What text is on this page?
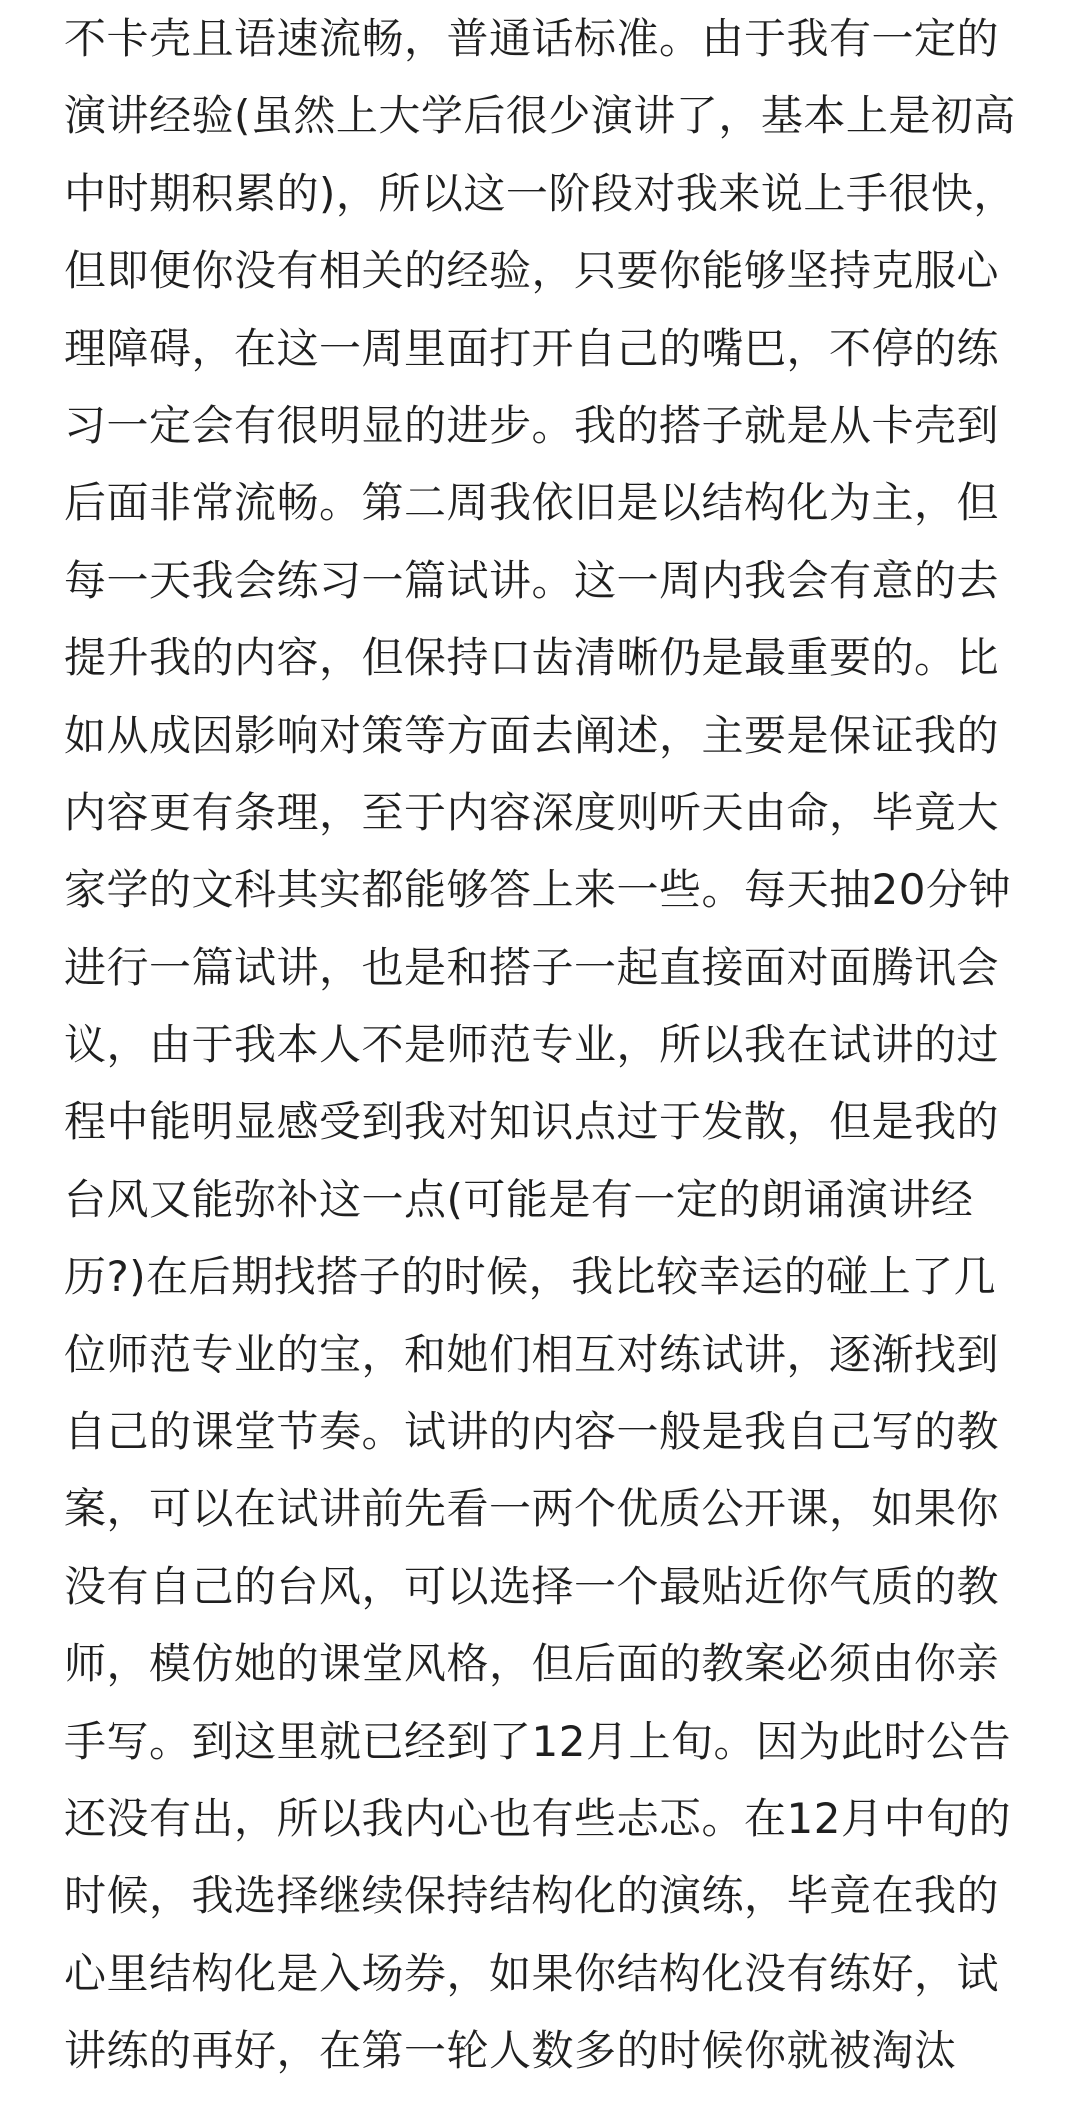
不卡壳且语速流畅，普通话标准。由于我有一定的
演讲经验(虽然上大学后很少演讲了，基本上是初高
中时期积累的)，所以这一阶段对我来说上手很快，
但即便你没有相关的经验，只要你能够坚持克服心
理障碍，在这一周里面打开自己的嘴巴，不停的练
习一定会有很明显的进步。我的搭子就是从卡壳到
后面非常流畅。第二周我依旧是以结构化为主，但
每一天我会练习一篇试讲。这一周内我会有意的去
提升我的内容，但保持口齿清晰仍是最重要的。比
如从成因影响对策等方面去阐述，主要是保证我的
内容更有条理，至于内容深度则听天由命，毕竟大
家学的文科其实都能够答上来一些。每天抽20分钟
进行一篇试讲，也是和搭子一起直接面对面腾讯会
议，由于我本人不是师范专业，所以我在试讲的过
程中能明显感受到我对知识点过于发散，但是我的
台风又能弥补这一点(可能是有一定的朗诵演讲经
历?)在后期找搭子的时候，我比较幸运的碰上了几
位师范专业的宝，和她们相互对练试讲，逐渐找到
自己的课堂节奏。试讲的内容一般是我自己写的教
案，可以在试讲前先看一两个优质公开课，如果你
没有自己的台风，可以选择一个最贴近你气质的教
师，模仿她的课堂风格，但后面的教案必须由你亲
手写。到这里就已经到了12月上旬。因为此时公告
还没有出，所以我内心也有些忐忑。在12月中旬的
时候，我选择继续保持结构化的演练，毕竟在我的
心里结构化是入场券，如果你结构化没有练好，试
讲练的再好，在第一轮人数多的时候你就被淘汰
